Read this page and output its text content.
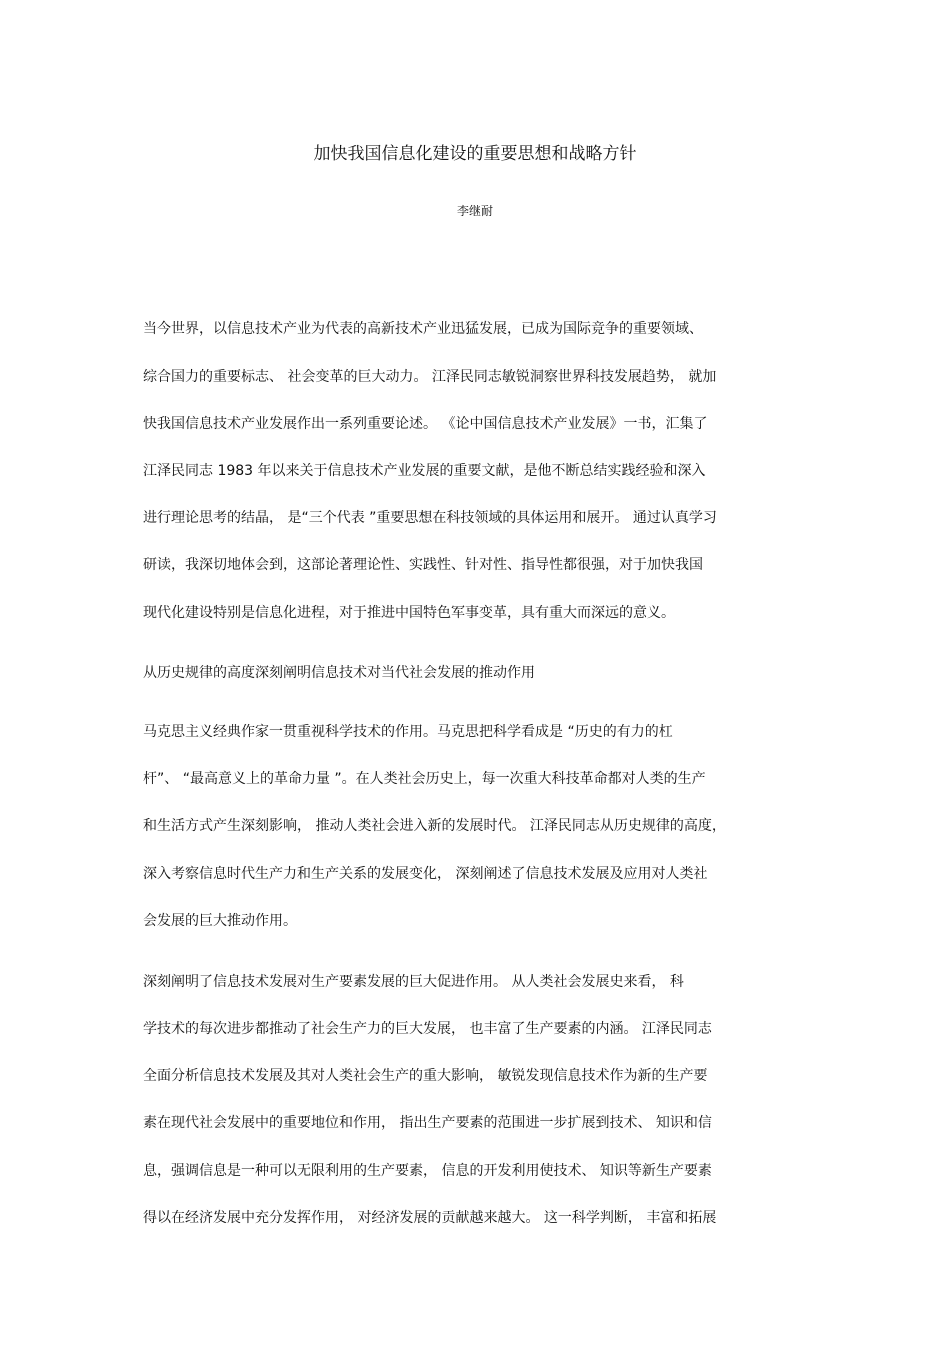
加快我国信息化建设的重要思想和战略方针
李继耐
当今世界，以信息技术产业为代表的高新技术产业迅猛发展，已成为国际竞争的重要领域、
综合国力的重要标志、 社会变革的巨大动力。 江泽民同志敏锐洞察世界科技发展趋势， 就加
快我国信息技术产业发展作出一系列重要论述。 《论中国信息技术产业发展》一书，汇集了
江泽民同志 1983 年以来关于信息技术产业发展的重要文献，是他不断总结实践经验和深入
进行理论思考的结晶， 是“三个代表 ”重要思想在科技领域的具体运用和展开。 通过认真学习
研读，我深切地体会到，这部论著理论性、实践性、针对性、指导性都很强，对于加快我国
现代化建设特别是信息化进程，对于推进中国特色军事变革，具有重大而深远的意义。
从历史规律的高度深刻阐明信息技术对当代社会发展的推动作用
马克思主义经典作家一贯重视科学技术的作用。马克思把科学看成是 “历史的有力的杠
杆”、 “最高意义上的革命力量 ”。在人类社会历史上，每一次重大科技革命都对人类的生产
和生活方式产生深刻影响， 推动人类社会进入新的发展时代。 江泽民同志从历史规律的高度，
深入考察信息时代生产力和生产关系的发展变化， 深刻阐述了信息技术发展及应用对人类社
会发展的巨大推动作用。
深刻阐明了信息技术发展对生产要素发展的巨大促进作用。 从人类社会发展史来看， 科
学技术的每次进步都推动了社会生产力的巨大发展， 也丰富了生产要素的内涵。 江泽民同志
全面分析信息技术发展及其对人类社会生产的重大影响， 敏锐发现信息技术作为新的生产要
素在现代社会发展中的重要地位和作用， 指出生产要素的范围进一步扩展到技术、 知识和信
息，强调信息是一种可以无限利用的生产要素， 信息的开发利用使技术、 知识等新生产要素
得以在经济发展中充分发挥作用， 对经济发展的贡献越来越大。 这一科学判断， 丰富和拓展
